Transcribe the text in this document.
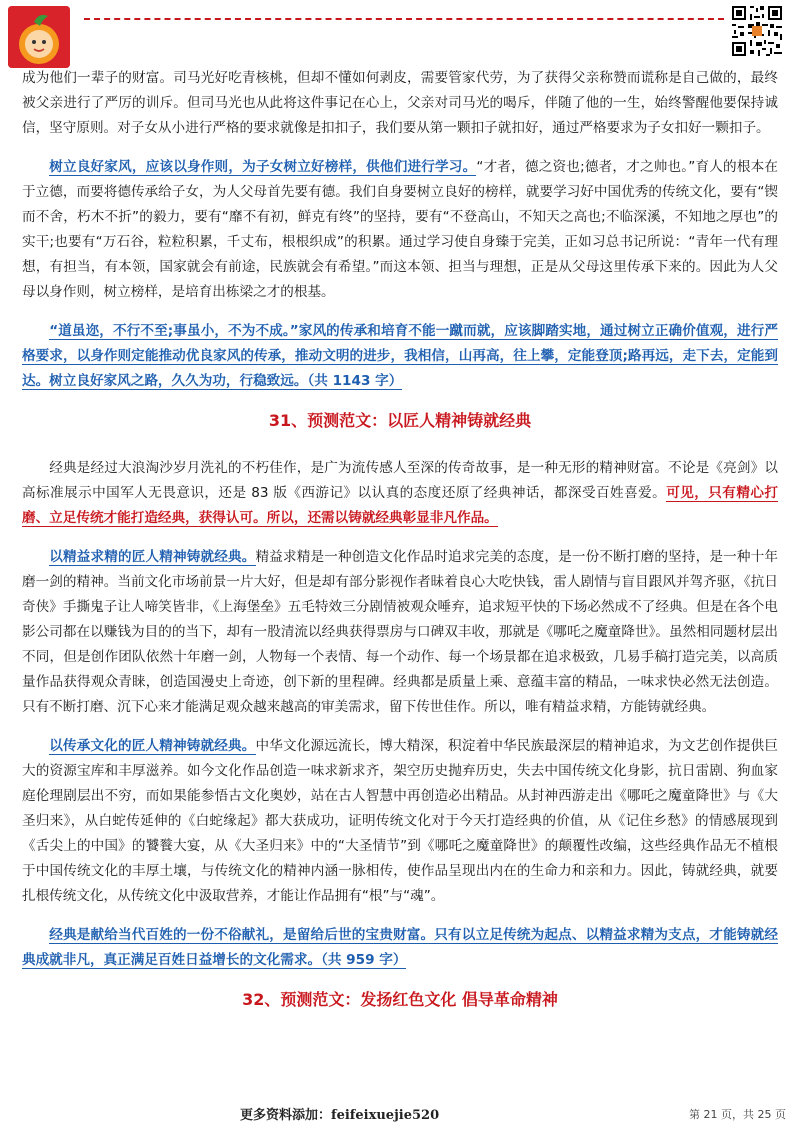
成为他们一辈子的财富。司马光好吃青核桃，但却不懂如何剥皮，需要管家代劳，为了获得父亲称赞而谎称是自己做的，最终被父亲进行了严厉的训斥。但司马光也从此将这件事记在心上，父亲对司马光的喝斥，伴随了他的一生，始终警醒他要保持诚信，坚守原则。对子女从小进行严格的要求就像是扣扣子，我们要从第一颗扣子就扣好，通过严格要求为子女扣好一颗扣子。

树立良好家风，应该以身作则，为子女树立好榜样，供他们进行学习。“才者，德之资也;德者，才之帅也。”育人的根本在于立德，而要将德传承给子女，为人父母首先要有德。我们自身要树立良好的榜样，就要学习好中国优秀的传统文化，要有“锲而不舍，朽木不折”的毅力，要有“靡不有初，鲜克有终”的坚持，要有“不登高山，不知天之高也;不临深溪，不知地之厚也”的实干;也要有“万石谷，粒粒积累，千丈布，根根织成”的积累。通过学习使自身臻于完美，正如习总书记所说：“青年一代有理想，有担当，有本领，国家就会有前途，民族就会有希望。”而这本领、担当与理想，正是从父母这里传承下来的。因此为人父母以身作则，树立榜样，是培育出栋梁之才的根基。

“道虽迩，不行不至;事虽小，不为不成。”家风的传承和培育不能一蹴而就，应该脚踏实地，通过树立正确价值观，进行严格要求，以身作则定能推动优良家风的传承，推动文明的进步，我相信，山再高，往上攀，定能登顶;路再远，走下去，定能到达。树立良好家风之路，久久为功，行稳致远。（共 1143 字）

31、预测范文：以匠人精神铸就经典

经典是经过大浪淘沙岁月洗礼的不朽佳作，是广为流传感人至深的传奇故事，是一种无形的精神财富。不论是《亮剑》以高标准展示中国军人无畏意识，还是 83 版《西游记》以认真的态度还原了经典神话，都深受百姓喜爱。可见，只有精心打磨、立足传统才能打造经典，获得认可。所以，还需以铸就经典彰显非凡作品。

以精益求精的匠人精神铸就经典。精益求精是一种创造文化作品时追求完美的态度，是一份不断打磨的坚持，是一种十年磨一剑的精神。当前文化市场前景一片大好，但是却有部分影视作者昧着良心大吃快钱，雷人剧情与盲目跟风并驾齐驱，《抗日奇侠》手撕鬼子让人啼笑皆非，《上海堡垒》五毛特效三分剧情被观众唾弃，追求短平快的下场必然成不了经典。但是在各个电影公司都在以赚钱为目的的当下，却有一股清流以经典获得票房与口碑双丰收，那就是《哪吒之魔童降世》。虽然相同题材层出不同，但是创作团队依然十年磨一剑，人物每一个表情、每一个动作、每一个场景都在追求极致，几易手稿打造完美，以高质量作品获得观众青睐，创造国漫史上奇迹，创下新的里程碑。经典都是质量上乘、意蕴丰富的精品，一味求快必然无法创造。只有不断打磨、沉下心来才能满足观众越来越高的审美需求，留下传世佳作。所以，唯有精益求精，方能铸就经典。

以传承文化的匠人精神铸就经典。中华文化源远流长，博大精深，积淀着中华民族最深层的精神追求，为文艺创作提供巨大的资源宝库和丰厚滋养。如今文化作品创造一味求新求齐，架空历史抛弃历史，失去中国传统文化身影，抗日雷剧、狗血家庭伦理剧层出不穷，而如果能参悟古文化奥妙，站在古人智慧中再创造必出精品。从封神西游走出《哪吒之魔童降世》与《大圣归来》，从白蛇传延伸的《白蛇缘起》都大获成功，证明传统文化对于今天打造经典的价值，从《记住乡愁》的情感展现到《舌尖上的中国》的饕餮大宴，从《大圣归来》中的“大圣情节”到《哪吒之魔童降世》的颠覆性改编，这些经典作品无不植根于中国传统文化的丰厚土壤，与传统文化的精神内涵一脉相传，使作品呈现出内在的生命力和亲和力。因此，铸就经典，就要扎根传统文化，从传统文化中汲取营养，才能让作品拥有“根”与“魂”。

经典是献给当代百姓的一份不俗献礼，是留给后世的宝贵财富。只有以立足传统为起点、以精益求精为支点，才能铸就经典成就非凡，真正满足百姓日益增长的文化需求。（共 959 字）

32、预测范文：发扬红色文化 倡导革命精神

更多资料添加：feifeixuejie520	第 21 页，共 25 页
